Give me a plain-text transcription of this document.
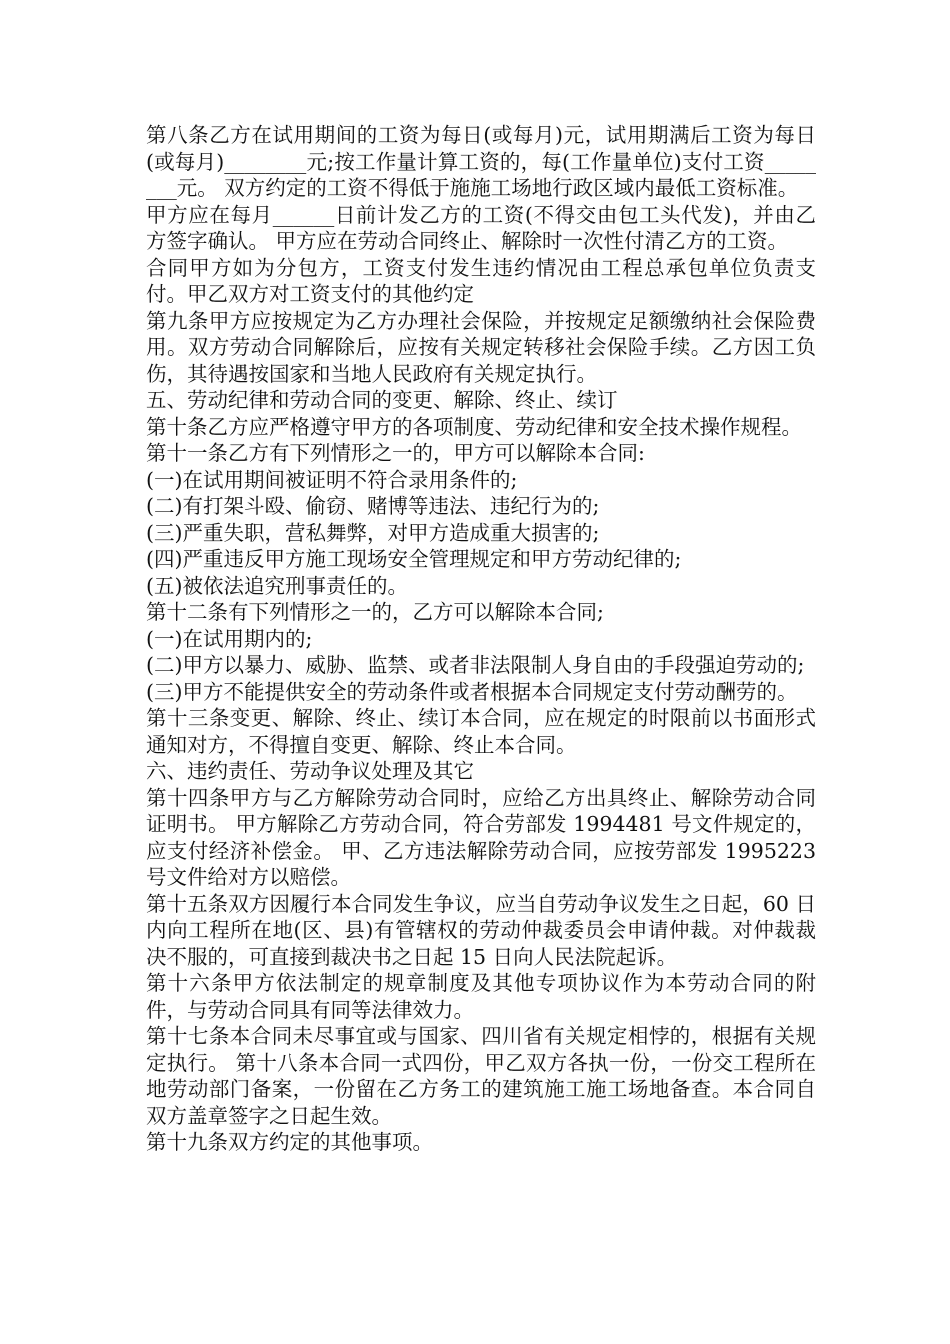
第八条乙方在试用期间的工资为每日(或每月)元，试用期满后工资为每日(或每月)________元;按工作量计算工资的，每(工作量单位)支付工资________元。 双方约定的工资不得低于施施工场地行政区域内最低工资标准。

甲方应在每月______日前计发乙方的工资(不得交由包工头代发)，并由乙方签字确认。 甲方应在劳动合同终止、解除时一次性付清乙方的工资。

合同甲方如为分包方，工资支付发生违约情况由工程总承包单位负责支付。甲乙双方对工资支付的其他约定

第九条甲方应按规定为乙方办理社会保险，并按规定足额缴纳社会保险费用。双方劳动合同解除后，应按有关规定转移社会保险手续。乙方因工负伤，其待遇按国家和当地人民政府有关规定执行。

五、劳动纪律和劳动合同的变更、解除、终止、续订

第十条乙方应严格遵守甲方的各项制度、劳动纪律和安全技术操作规程。

第十一条乙方有下列情形之一的，甲方可以解除本合同:

(一)在试用期间被证明不符合录用条件的;

(二)有打架斗殴、偷窃、赌博等违法、违纪行为的;

(三)严重失职，营私舞弊，对甲方造成重大损害的;

(四)严重违反甲方施工现场安全管理规定和甲方劳动纪律的;

(五)被依法追究刑事责任的。

第十二条有下列情形之一的，乙方可以解除本合同;

(一)在试用期内的;

(二)甲方以暴力、威胁、监禁、或者非法限制人身自由的手段强迫劳动的;

(三)甲方不能提供安全的劳动条件或者根据本合同规定支付劳动酬劳的。

第十三条变更、解除、终止、续订本合同，应在规定的时限前以书面形式通知对方，不得擅自变更、解除、终止本合同。

六、违约责任、劳动争议处理及其它

第十四条甲方与乙方解除劳动合同时，应给乙方出具终止、解除劳动合同证明书。 甲方解除乙方劳动合同，符合劳部发 1994481 号文件规定的，应支付经济补偿金。 甲、乙方违法解除劳动合同，应按劳部发 1995223 号文件给对方以赔偿。

第十五条双方因履行本合同发生争议，应当自劳动争议发生之日起，60 日内向工程所在地(区、县)有管辖权的劳动仲裁委员会申请仲裁。对仲裁裁决不服的，可直接到裁决书之日起 15 日向人民法院起诉。

第十六条甲方依法制定的规章制度及其他专项协议作为本劳动合同的附件，与劳动合同具有同等法律效力。

第十七条本合同未尽事宜或与国家、四川省有关规定相悖的，根据有关规定执行。 第十八条本合同一式四份，甲乙双方各执一份，一份交工程所在地劳动部门备案，一份留在乙方务工的建筑施工施工场地备查。本合同自双方盖章签字之日起生效。

第十九条双方约定的其他事项。
